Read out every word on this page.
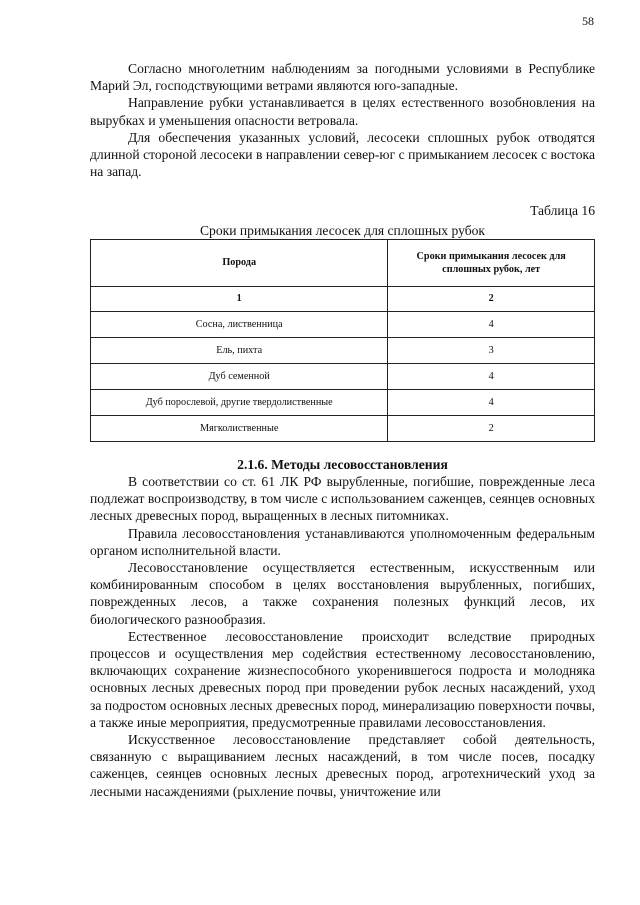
58

Согласно многолетним наблюдениям за погодными условиями в Республике Марий Эл, господствующими ветрами являются юго-западные.

Направление рубки устанавливается в целях естественного возобновления на вырубках и уменьшения опасности ветровала.

Для обеспечения указанных условий, лесосеки сплошных рубок отводятся длинной стороной лесосеки в направлении север-юг с примыканием лесосек с востока на запад.

Таблица 16
Сроки примыкания лесосек для сплошных рубок
Порода	Сроки примыкания лесосек для сплошных рубок, лет
1	2
Сосна, лиственница	4
Ель, пихта	3
Дуб семенной	4
Дуб порослевой, другие твердолиственные	4
Мягколиственные	2
2.1.6. Методы лесовосстановления

В соответствии со ст. 61 ЛК РФ вырубленные, погибшие, поврежденные леса подлежат воспроизводству, в том числе с использованием саженцев, сеянцев основных лесных древесных пород, выращенных в лесных питомниках.

Правила лесовосстановления устанавливаются уполномоченным федеральным органом исполнительной власти.

Лесовосстановление осуществляется естественным, искусственным или комбинированным способом в целях восстановления вырубленных, погибших, поврежденных лесов, а также сохранения полезных функций лесов, их биологического разнообразия.

Естественное лесовосстановление происходит вследствие природных процессов и осуществления мер содействия естественному лесовосстановлению, включающих сохранение жизнеспособного укоренившегося подроста и молодняка основных лесных древесных пород при проведении рубок лесных насаждений, уход за подростом основных лесных древесных пород, минерализацию поверхности почвы, а также иные мероприятия, предусмотренные правилами лесовосстановления.

Искусственное лесовосстановление представляет собой деятельность, связанную с выращиванием лесных насаждений, в том числе посев, посадку саженцев, сеянцев основных лесных древесных пород, агротехнический уход за лесными насаждениями (рыхление почвы, уничтожение или
